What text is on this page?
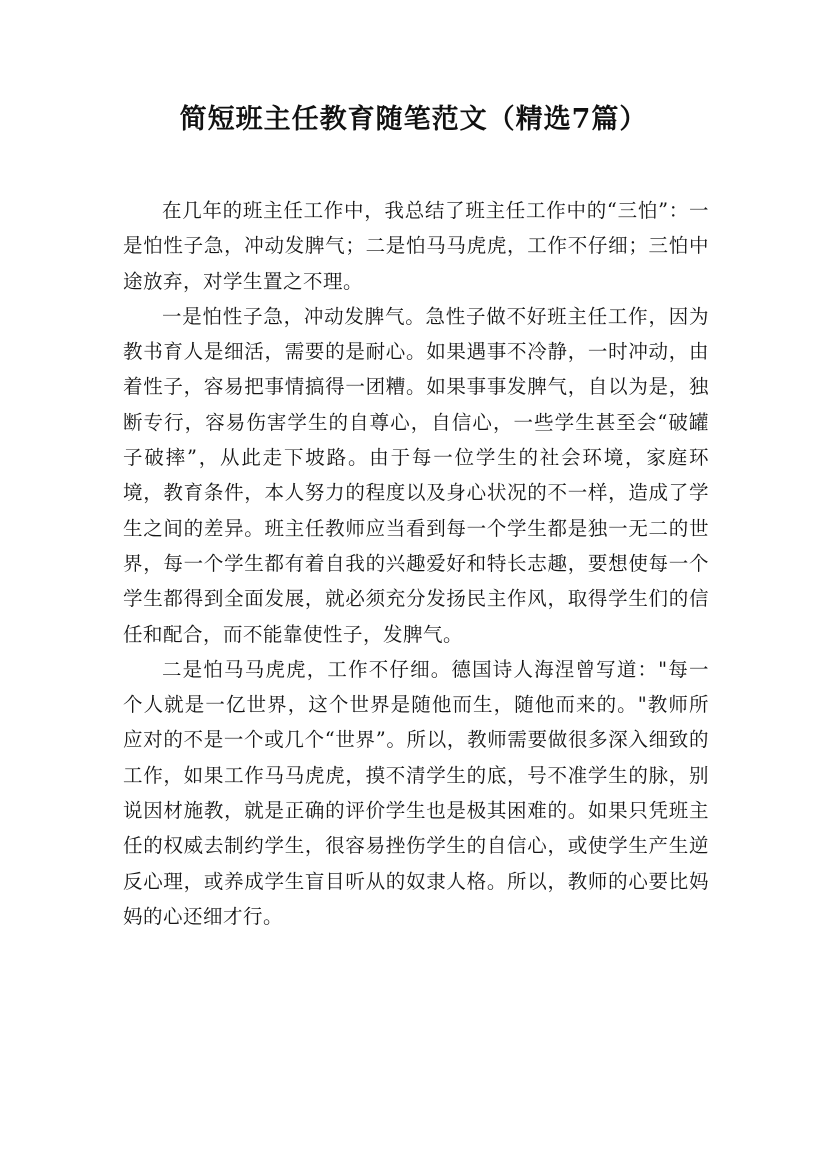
简短班主任教育随笔范文（精选7篇）

在几年的班主任工作中，我总结了班主任工作中的“三怕”：一是怕性子急，冲动发脾气；二是怕马马虎虎，工作不仔细；三怕中途放弃，对学生置之不理。

一是怕性子急，冲动发脾气。急性子做不好班主任工作，因为教书育人是细活，需要的是耐心。如果遇事不冷静，一时冲动，由着性子，容易把事情搞得一团糟。如果事事发脾气，自以为是，独断专行，容易伤害学生的自尊心，自信心，一些学生甚至会“破罐子破摔”，从此走下坡路。由于每一位学生的社会环境，家庭环境，教育条件，本人努力的程度以及身心状况的不一样，造成了学生之间的差异。班主任教师应当看到每一个学生都是独一无二的世界，每一个学生都有着自我的兴趣爱好和特长志趣，要想使每一个学生都得到全面发展，就必须充分发扬民主作风，取得学生们的信任和配合，而不能靠使性子，发脾气。

二是怕马马虎虎，工作不仔细。德国诗人海涅曾写道："每一个人就是一亿世界，这个世界是随他而生，随他而来的。"教师所应对的不是一个或几个“世界”。所以，教师需要做很多深入细致的工作，如果工作马马虎虎，摸不清学生的底，号不准学生的脉，别说因材施教，就是正确的评价学生也是极其困难的。如果只凭班主任的权威去制约学生，很容易挫伤学生的自信心，或使学生产生逆反心理，或养成学生盲目听从的奴隶人格。所以，教师的心要比妈妈的心还细才行。
